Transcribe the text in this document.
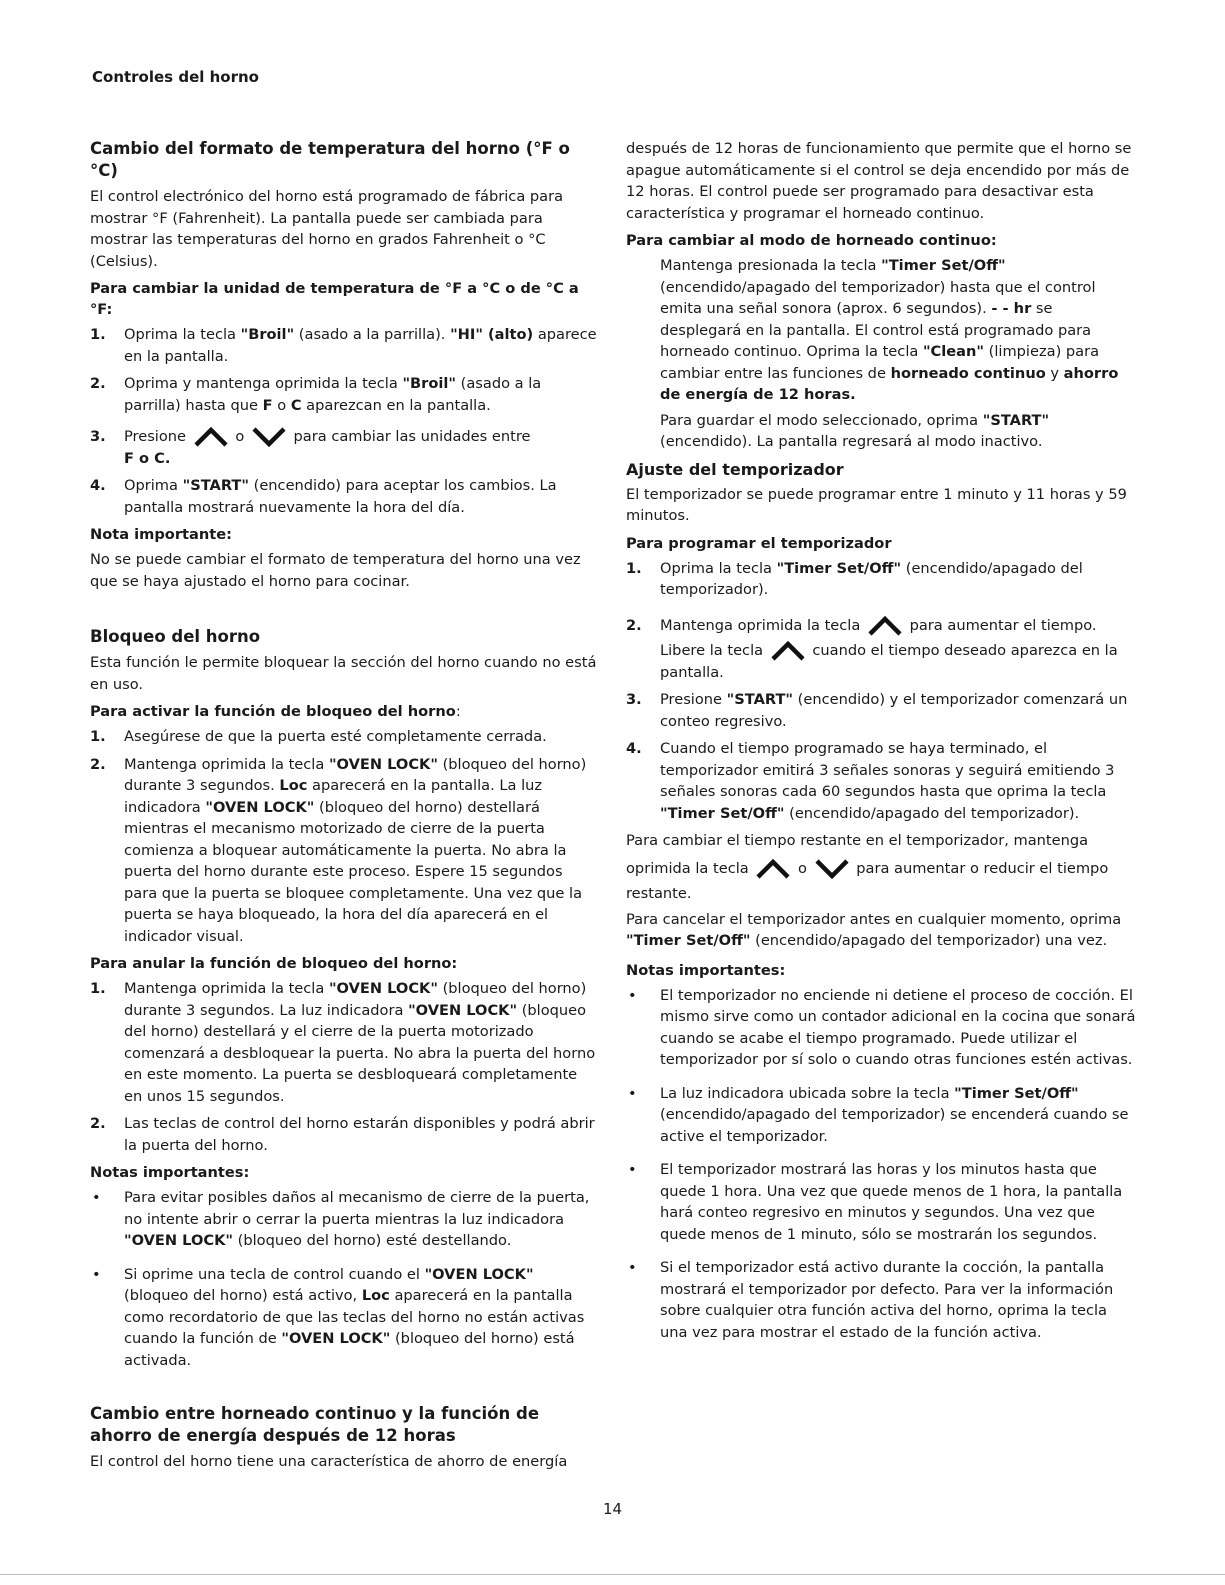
Controles del horno
Cambio del formato de temperatura del horno (°F o °C)

El control electrónico del horno está programado de fábrica para mostrar °F (Fahrenheit). La pantalla puede ser cambiada para mostrar las temperaturas del horno en grados Fahrenheit o °C (Celsius).

Para cambiar la unidad de temperatura de °F a °C o de °C a °F:
1. Oprima la tecla "Broil" (asado a la parrilla). "HI" (alto) aparece en la pantalla.
2. Oprima y mantenga oprimida la tecla "Broil" (asado a la parrilla) hasta que F o C aparezcan en la pantalla.
3. Presione	o	para cambiar las unidades entre
F o C.
4. Oprima "START" (encendido) para aceptar los cambios. La pantalla mostrará nuevamente la hora del día.
Nota importante:

No se puede cambiar el formato de temperatura del horno una vez que se haya ajustado el horno para cocinar.

Bloqueo del horno

Esta función le permite bloquear la sección del horno cuando no está en uso.

Para activar la función de bloqueo del horno:
1. Asegúrese de que la puerta esté completamente cerrada.
2. Mantenga oprimida la tecla "OVEN LOCK" (bloqueo del horno) durante 3 segundos. Loc aparecerá en la pantalla. La luz indicadora "OVEN LOCK" (bloqueo del horno) destellará mientras el mecanismo motorizado de cierre de la puerta comienza a bloquear automáticamente la puerta. No abra la puerta del horno durante este proceso. Espere 15 segundos para que la puerta se bloquee completamente. Una vez que la puerta se haya bloqueado, la hora del día aparecerá en el indicador visual.
Para anular la función de bloqueo del horno:
1. Mantenga oprimida la tecla "OVEN LOCK" (bloqueo del horno) durante 3 segundos. La luz indicadora "OVEN LOCK" (bloqueo del horno) destellará y el cierre de la puerta motorizado comenzará a desbloquear la puerta. No abra la puerta del horno en este momento. La puerta se desbloqueará completamente en unos 15 segundos.
2. Las teclas de control del horno estarán disponibles y podrá abrir la puerta del horno.
Notas importantes:
• Para evitar posibles daños al mecanismo de cierre de la puerta, no intente abrir o cerrar la puerta mientras la luz indicadora "OVEN LOCK" (bloqueo del horno) esté destellando.
• Si oprime una tecla de control cuando el "OVEN LOCK" (bloqueo del horno) está activo, Loc aparecerá en la pantalla como recordatorio de que las teclas del horno no están activas cuando la función de "OVEN LOCK" (bloqueo del horno) está activada.
Cambio entre horneado continuo y la función de ahorro de energía después de 12 horas

El control del horno tiene una característica de ahorro de energía

después de 12 horas de funcionamiento que permite que el horno se apague automáticamente si el control se deja encendido por más de 12 horas. El control puede ser programado para desactivar esta característica y programar el horneado continuo.

Para cambiar al modo de horneado continuo:

Mantenga presionada la tecla "Timer Set/Off" (encendido/apagado del temporizador) hasta que el control emita una señal sonora (aprox. 6 segundos). - - hr se desplegará en la pantalla. El control está programado para horneado continuo. Oprima la tecla "Clean" (limpieza) para cambiar entre las funciones de horneado continuo y ahorro de energía de 12 horas.

Para guardar el modo seleccionado, oprima "START" (encendido). La pantalla regresará al modo inactivo.

Ajuste del temporizador

El temporizador se puede programar entre 1 minuto y 11 horas y 59 minutos.

Para programar el temporizador
1. Oprima la tecla "Timer Set/Off" (encendido/apagado del temporizador).
2. Mantenga oprimida la tecla	para aumentar el tiempo.
Libere la tecla	cuando el tiempo deseado aparezca en la pantalla.
3. Presione "START" (encendido) y el temporizador comenzará un conteo regresivo.
4. Cuando el tiempo programado se haya terminado, el temporizador emitirá 3 señales sonoras y seguirá emitiendo 3 señales sonoras cada 60 segundos hasta que oprima la tecla "Timer Set/Off" (encendido/apagado del temporizador).

Para cambiar el tiempo restante en el temporizador, mantenga

oprimida la tecla	o	para aumentar o reducir el tiempo

restante.

Para cancelar el temporizador antes en cualquier momento, oprima "Timer Set/Off" (encendido/apagado del temporizador) una vez.

Notas importantes:
• El temporizador no enciende ni detiene el proceso de cocción. El mismo sirve como un contador adicional en la cocina que sonará cuando se acabe el tiempo programado. Puede utilizar el temporizador por sí solo o cuando otras funciones estén activas.
• La luz indicadora ubicada sobre la tecla "Timer Set/Off" (encendido/apagado del temporizador) se encenderá cuando se active el temporizador.
• El temporizador mostrará las horas y los minutos hasta que quede 1 hora. Una vez que quede menos de 1 hora, la pantalla hará conteo regresivo en minutos y segundos. Una vez que quede menos de 1 minuto, sólo se mostrarán los segundos.
• Si el temporizador está activo durante la cocción, la pantalla mostrará el temporizador por defecto. Para ver la información sobre cualquier otra función activa del horno, oprima la tecla una vez para mostrar el estado de la función activa.
14
